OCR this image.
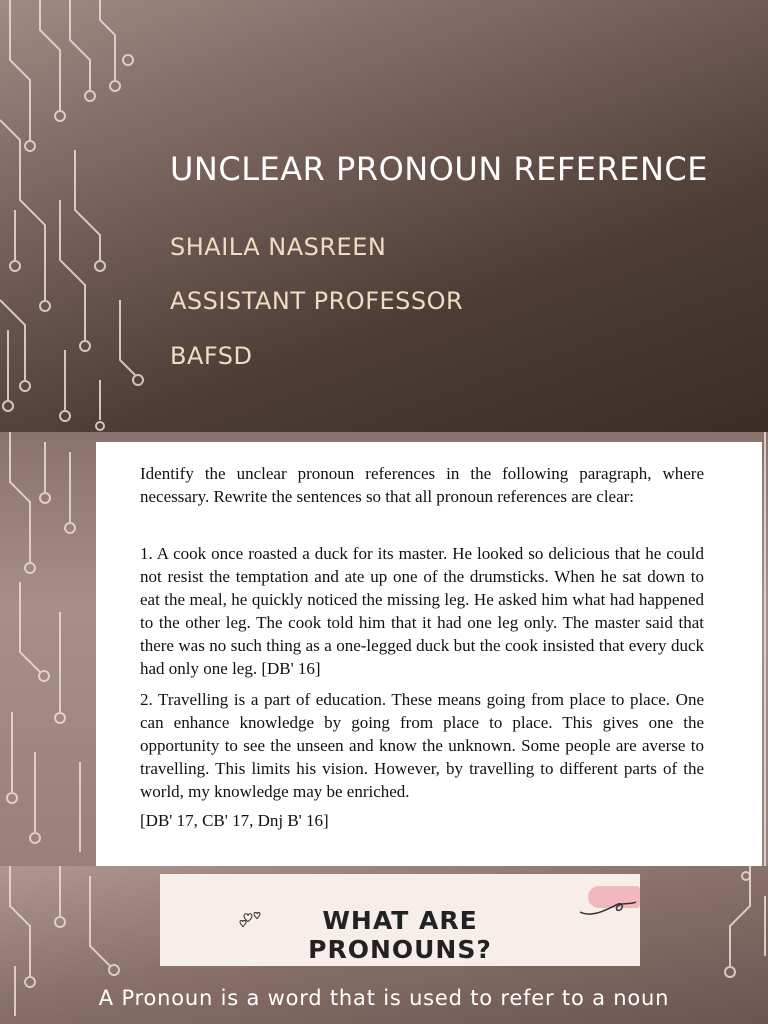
UNCLEAR PRONOUN REFERENCE
SHAILA NASREEN
ASSISTANT PROFESSOR
BAFSD

Identify the unclear pronoun references in the following paragraph, where necessary. Rewrite the sentences so that all pronoun references are clear:

1. A cook once roasted a duck for its master. He looked so delicious that he could not resist the temptation and ate up one of the drumsticks. When he sat down to eat the meal, he quickly noticed the missing leg. He asked him what had happened to the other leg. The cook told him that it had one leg only. The master said that there was no such thing as a one-legged duck but the cook insisted that every duck had only one leg. [DB' 16]

2. Travelling is a part of education. These means going from place to place. One can enhance knowledge by going from place to place. This gives one the opportunity to see the unseen and know the unknown. Some people are averse to travelling. This limits his vision. However, by travelling to different parts of the world, my knowledge may be enriched.

[DB' 17, CB' 17, Dnj B' 16]

WHAT ARE
PRONOUNS?
A Pronoun is a word that is used to refer to a noun
